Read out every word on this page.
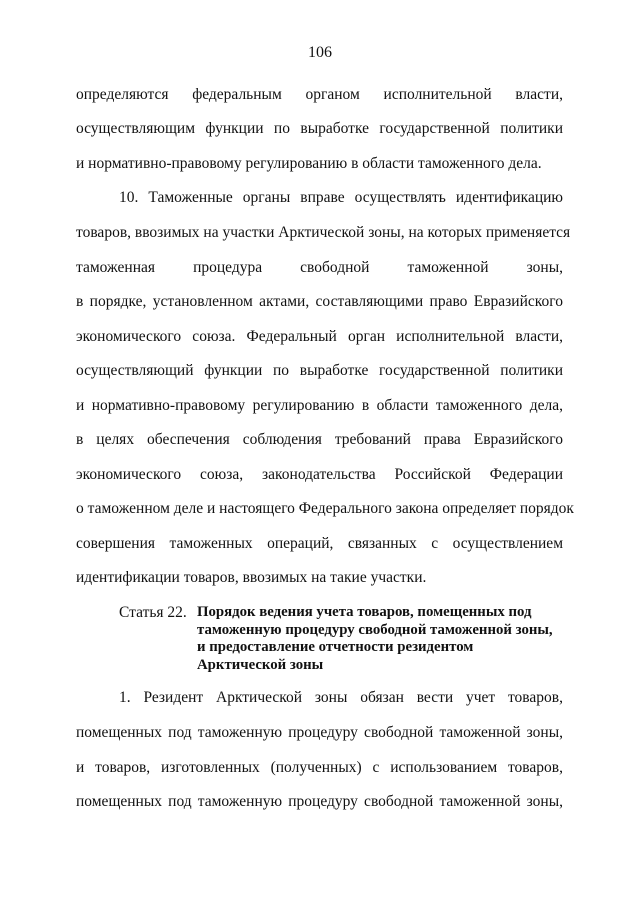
106
определяются федеральным органом исполнительной власти,
осуществляющим функции по выработке государственной политики
и нормативно-правовому регулированию в области таможенного дела.
10. Таможенные органы вправе осуществлять идентификацию
товаров, ввозимых на участки Арктической зоны, на которых применяется
таможенная процедура свободной таможенной зоны,
в порядке, установленном актами, составляющими право Евразийского
экономического союза. Федеральный орган исполнительной власти,
осуществляющий функции по выработке государственной политики
и нормативно-правовому регулированию в области таможенного дела,
в целях обеспечения соблюдения требований права Евразийского
экономического союза, законодательства Российской Федерации
о таможенном деле и настоящего Федерального закона определяет порядок
совершения таможенных операций, связанных с осуществлением
идентификации товаров, ввозимых на такие участки.
Статья 22. Порядок ведения учета товаров, помещенных под
таможенную процедуру свободной таможенной зоны,
и предоставление отчетности резидентом
Арктической зоны
1. Резидент Арктической зоны обязан вести учет товаров,
помещенных под таможенную процедуру свободной таможенной зоны,
и товаров, изготовленных (полученных) с использованием товаров,
помещенных под таможенную процедуру свободной таможенной зоны,
